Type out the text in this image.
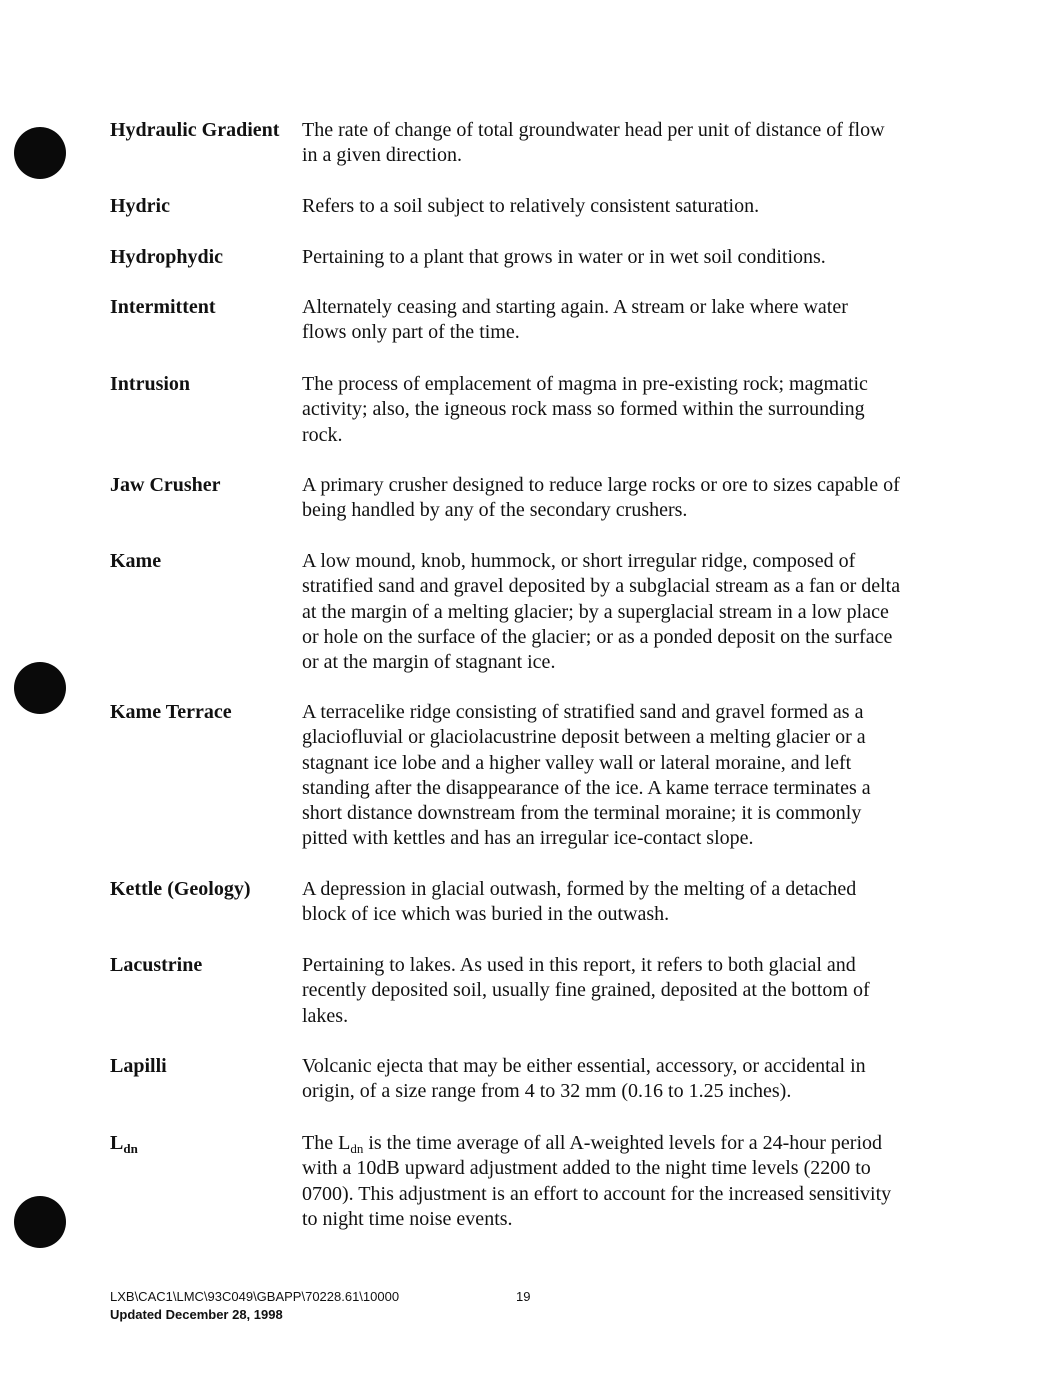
Hydraulic Gradient	The rate of change of total groundwater head per unit of distance of flow
in a given direction.
Hydric	Refers to a soil subject to relatively consistent saturation.
Hydrophydic	Pertaining to a plant that grows in water or in wet soil conditions.
Intermittent	Alternately ceasing and starting again. A stream or lake where water
flows only part of the time.
Intrusion	The process of emplacement of magma in pre-existing rock; magmatic
activity; also, the igneous rock mass so formed within the surrounding
rock.
Jaw Crusher	A primary crusher designed to reduce large rocks or ore to sizes capable of
being handled by any of the secondary crushers.
Kame	A low mound, knob, hummock, or short irregular ridge, composed of
stratified sand and gravel deposited by a subglacial stream as a fan or delta
at the margin of a melting glacier; by a superglacial stream in a low place
or hole on the surface of the glacier; or as a ponded deposit on the surface
or at the margin of stagnant ice.
Kame Terrace	A terracelike ridge consisting of stratified sand and gravel formed as a
glaciofluvial or glaciolacustrine deposit between a melting glacier or a
stagnant ice lobe and a higher valley wall or lateral moraine, and left
standing after the disappearance of the ice. A kame terrace terminates a
short distance downstream from the terminal moraine; it is commonly
pitted with kettles and has an irregular ice-contact slope.
Kettle (Geology)	A depression in glacial outwash, formed by the melting of a detached
block of ice which was buried in the outwash.
Lacustrine	Pertaining to lakes. As used in this report, it refers to both glacial and
recently deposited soil, usually fine grained, deposited at the bottom of
lakes.
Lapilli	Volcanic ejecta that may be either essential, accessory, or accidental in
origin, of a size range from 4 to 32 mm (0.16 to 1.25 inches).
$L_{dn}$	The $L_{dn}$ is the time average of all A-weighted levels for a 24-hour period
with a 10dB upward adjustment added to the night time levels (2200 to
0700). This adjustment is an effort to account for the increased sensitivity
to night time noise events.
LXB\CAC1\LMC\93C049\GBAPP\70228.61\10000
Updated December 28, 1998
19
